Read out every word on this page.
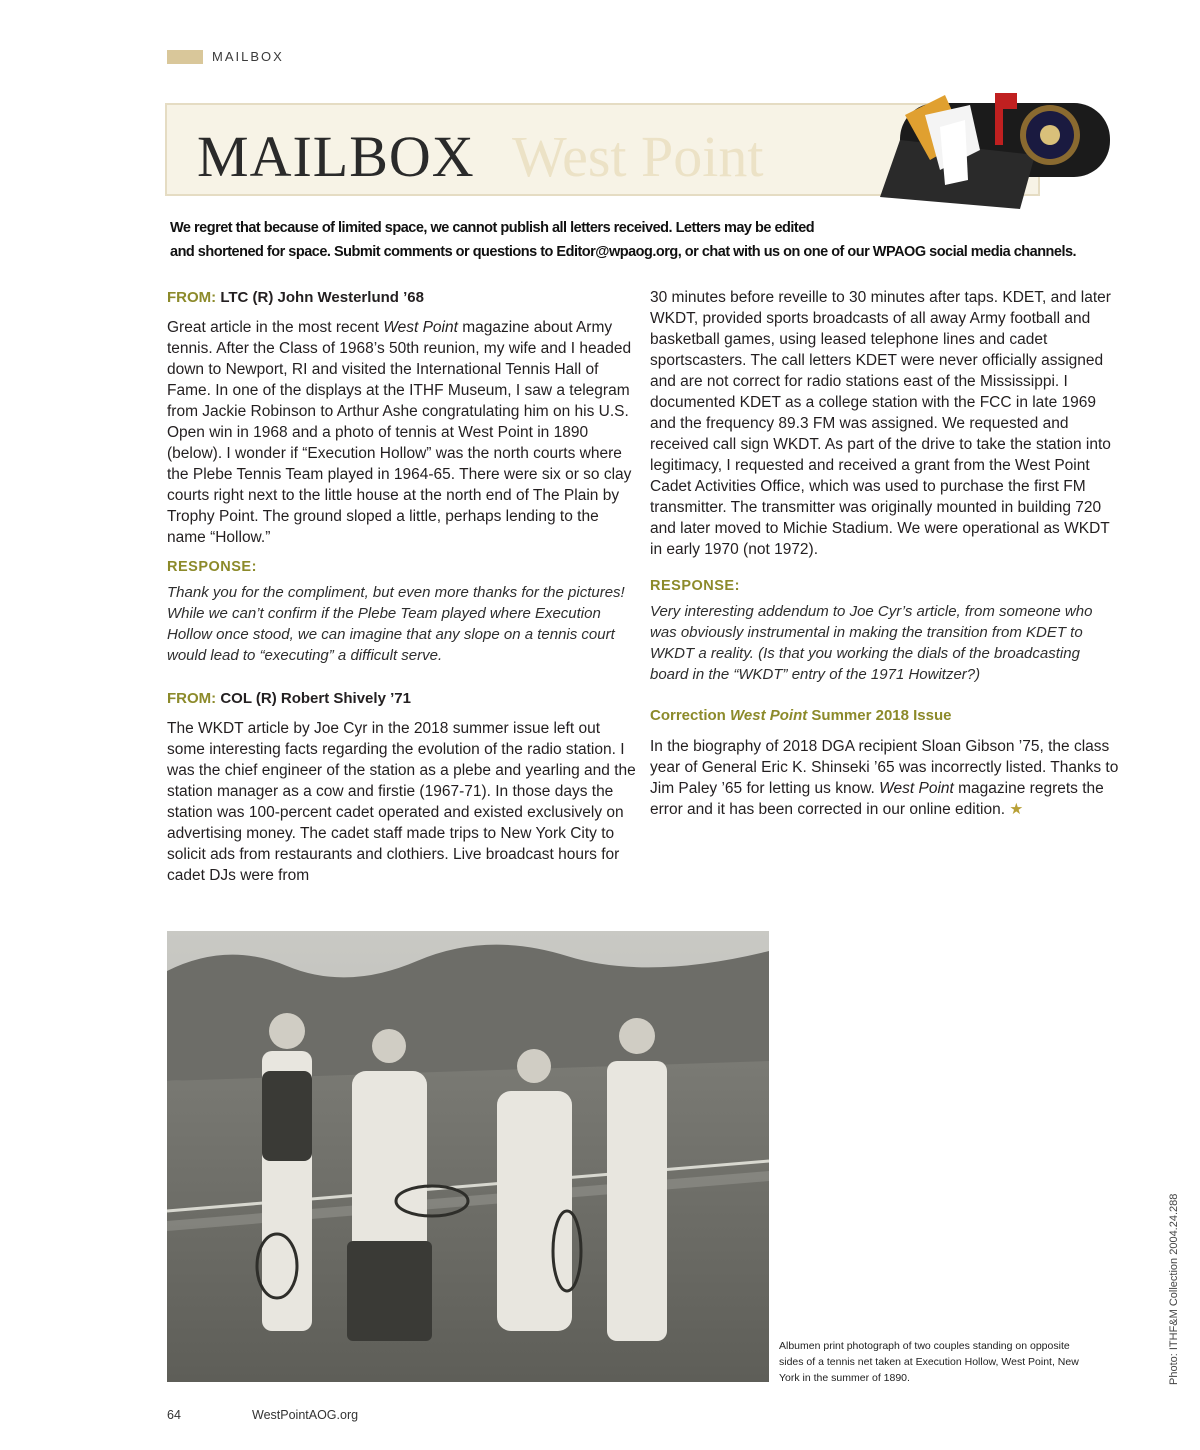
MAILBOX
West Point
MAILBOX
We regret that because of limited space, we cannot publish all letters received. Letters may be edited
and shortened for space. Submit comments or questions to Editor@wpaog.org, or chat with us on one of our WPAOG social media channels.

FROM: LTC (R) John Westerlund ’68

Great article in the most recent West Point magazine about Army tennis. After the Class of 1968’s 50th reunion, my wife and I headed down to Newport, RI and visited the International Tennis Hall of Fame. In one of the displays at the ITHF Museum, I saw a telegram from Jackie Robinson to Arthur Ashe congratulating him on his U.S. Open win in 1968 and a photo of tennis at West Point in 1890 (below). I wonder if “Execution Hollow” was the north courts where the Plebe Tennis Team played in 1964-65. There were six or so clay courts right next to the little house at the north end of The Plain by Trophy Point. The ground sloped a little, perhaps lending to the name “Hollow.”

RESPONSE:

Thank you for the compliment, but even more thanks for the pictures! While we can’t confirm if the Plebe Team played where Execution Hollow once stood, we can imagine that any slope on a tennis court would lead to “executing” a difficult serve.

FROM: COL (R) Robert Shively ’71

The WKDT article by Joe Cyr in the 2018 summer issue left out some interesting facts regarding the evolution of the radio station. I was the chief engineer of the station as a plebe and yearling and the station manager as a cow and firstie (1967-71). In those days the station was 100-percent cadet operated and existed exclusively on advertising money. The cadet staff made trips to New York City to solicit ads from restaurants and clothiers. Live broadcast hours for cadet DJs were from

30 minutes before reveille to 30 minutes after taps. KDET, and later WKDT, provided sports broadcasts of all away Army football and basketball games, using leased telephone lines and cadet sportscasters. The call letters KDET were never officially assigned and are not correct for radio stations east of the Mississippi. I documented KDET as a college station with the FCC in late 1969 and the frequency 89.3 FM was assigned. We requested and received call sign WKDT. As part of the drive to take the station into legitimacy, I requested and received a grant from the West Point Cadet Activities Office, which was used to purchase the first FM transmitter. The transmitter was originally mounted in building 720 and later moved to Michie Stadium. We were operational as WKDT in early 1970 (not 1972).

RESPONSE:

Very interesting addendum to Joe Cyr’s article, from someone who was obviously instrumental in making the transition from KDET to WKDT a reality. (Is that you working the dials of the broadcasting board in the “WKDT” entry of the 1971 Howitzer?)

Correction West Point Summer 2018 Issue

In the biography of 2018 DGA recipient Sloan Gibson ’75, the class year of General Eric K. Shinseki ’65 was incorrectly listed. Thanks to Jim Paley ’65 for letting us know. West Point magazine regrets the error and it has been corrected in our online edition. ★

Albumen print photograph of two couples standing on opposite sides of a tennis net taken at Execution Hollow, West Point, New York in the summer of 1890.	Photo: ITHF&M Collection 2004.24.288
64	WestPointAOG.org
